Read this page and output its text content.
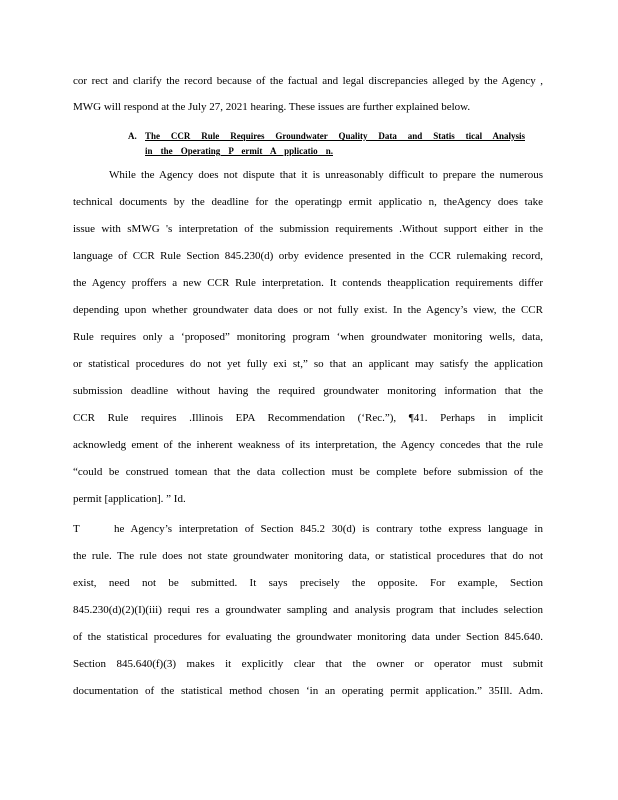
cor rect and clarify the record because of the factual and legal discrepancies alleged by the Agency ,
MWG will respond at the July 27, 2021 hearing. These issues are further explained below.
A. The CCR Rule Requires Groundwater Quality Data and Statis tical Analysis
in the Operating P ermit A pplicatio n.
While the Agency does not dispute that it is unreasonably difficult to prepare the numerous
technical documents by the deadline for the operatingp ermit applicatio n, theAgency does take
issue with sMWG 's interpretation of the submission requirements .Without support either in the
language of CCR Rule Section 845.230(d) orby evidence presented in the CCR rulemaking record,
the Agency proffers a new CCR Rule interpretation. It contends theapplication requirements differ
depending upon whether groundwater data does or not fully exist. In the Agency’s view, the CCR
Rule requires only a ‘proposed” monitoring program ‘when groundwater monitoring wells, data,
or statistical procedures do not yet fully exi st,” so that an applicant may satisfy the application
submission deadline without having the required groundwater monitoring information that the
CCR Rule requires .Illinois EPA Recommendation (‘Rec.”), ¶41. Perhaps in implicit
acknowledg ement of the inherent weakness of its interpretation, the Agency concedes that the rule
“could be construed tomean that the data collection must be complete before submission of the
permit [application]. ” Id.
T	he Agency’s interpretation of Section 845.2 30(d) is contrary tothe express language in
the rule. The rule does not state groundwater monitoring data, or statistical procedures that do not
exist, need not be submitted. It says precisely the opposite. For example, Section
845.230(d)(2)(I)(iii) requi res a groundwater sampling and analysis program that includes selection
of the statistical procedures for evaluating the groundwater monitoring data under Section 845.640.
Section 845.640(f)(3) makes it explicitly clear that the owner or operator must submit
documentation of the statistical method chosen ‘in an operating permit application.” 35Ill. Adm.
